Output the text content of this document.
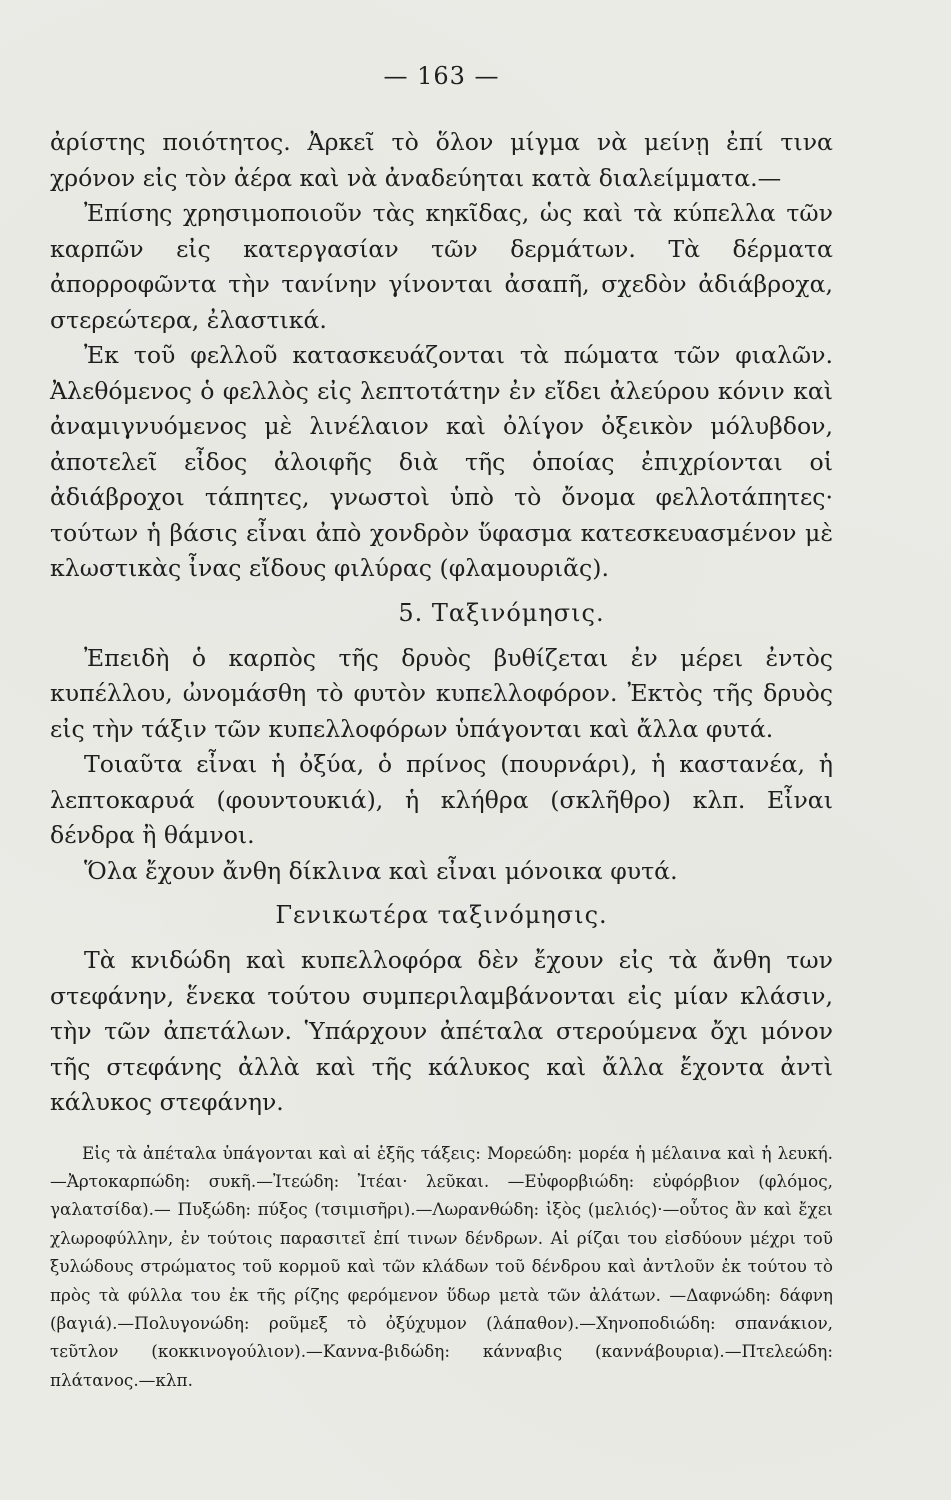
— 163 —

ἀρίστης ποιότητος. Ἀρκεῖ τὸ ὅλον μίγμα νὰ μείνῃ ἐπί τινα χρόνον εἰς τὸν ἀέρα καὶ νὰ ἀναδεύηται κατὰ διαλείμματα.—

Ἐπίσης χρησιμοποιοῦν τὰς κηκῖδας, ὡς καὶ τὰ κύπελλα τῶν καρπῶν εἰς κατεργασίαν τῶν δερμάτων. Τὰ δέρματα ἀπορροφῶντα τὴν τανίνην γίνονται ἀσαπῆ, σχεδὸν ἀδιάβροχα, στερεώτερα, ἐλαστικά.

Ἐκ τοῦ φελλοῦ κατασκευάζονται τὰ πώματα τῶν φιαλῶν. Ἀλεθόμενος ὁ φελλὸς εἰς λεπτοτάτην ἐν εἴδει ἀλεύρου κόνιν καὶ ἀναμιγνυόμενος μὲ λινέλαιον καὶ ὀλίγον ὀξεικὸν μόλυβδον, ἀποτελεῖ εἶδος ἀλοιφῆς διὰ τῆς ὁποίας ἐπιχρίονται οἱ ἀδιάβροχοι τάπητες, γνωστοὶ ὑπὸ τὸ ὄνομα φελλοτάπητες· τούτων ἡ βάσις εἶναι ἀπὸ χονδρὸν ὕφασμα κατεσκευασμένον μὲ κλωστικὰς ἶνας εἴδους φιλύρας (φλαμουριᾶς).

5. Ταξινόμησις.

Ἐπειδὴ ὁ καρπὸς τῆς δρυὸς βυθίζεται ἐν μέρει ἐντὸς κυπέλλου, ὠνομάσθη τὸ φυτὸν κυπελλοφόρον. Ἐκτὸς τῆς δρυὸς εἰς τὴν τάξιν τῶν κυπελλοφόρων ὑπάγονται καὶ ἄλλα φυτά.

Τοιαῦτα εἶναι ἡ ὀξύα, ὁ πρίνος (πουρνάρι), ἡ καστανέα, ἡ λεπτοκαρυά (φουντουκιά), ἡ κλήθρα (σκλῆθρο) κλπ. Εἶναι δένδρα ἢ θάμνοι.

Ὅλα ἔχουν ἄνθη δίκλινα καὶ εἶναι μόνοικα φυτά.

Γενικωτέρα ταξινόμησις.

Τὰ κνιδώδη καὶ κυπελλοφόρα δὲν ἔχουν εἰς τὰ ἄνθη των στεφάνην, ἕνεκα τούτου συμπεριλαμβάνονται εἰς μίαν κλάσιν, τὴν τῶν ἀπετάλων. Ὑπάρχουν ἀπέταλα στερούμενα ὄχι μόνον τῆς στεφάνης ἀλλὰ καὶ τῆς κάλυκος καὶ ἄλλα ἔχοντα ἀντὶ κάλυκος στεφάνην.

Εἰς τὰ ἀπέταλα ὑπάγονται καὶ αἱ ἑξῆς τάξεις: Μορεώδη: μορέα ἡ μέλαινα καὶ ἡ λευκή.—Ἀρτοκαρπώδη: συκῆ.—Ἰτεώδη: Ἰτέαι· λεῦκαι. —Εὐφορβιώδη: εὐφόρβιον (φλόμος, γαλατσίδα).— Πυξώδη: πύξος (τσιμισῆρι).—Λωρανθώδη: ἰξὸς (μελιός)·—οὗτος ἂν καὶ ἔχει χλωροφύλλην, ἐν τούτοις παρασιτεῖ ἐπί τινων δένδρων. Αἱ ρίζαι του εἰσδύουν μέχρι τοῦ ξυλώδους στρώματος τοῦ κορμοῦ καὶ τῶν κλάδων τοῦ δένδρου καὶ ἀντλοῦν ἐκ τούτου τὸ πρὸς τὰ φύλλα του ἐκ τῆς ρίζης φερόμενον ὕδωρ μετὰ τῶν ἀλάτων. —Δαφνώδη: δάφνη (βαγιά).—Πολυγονώδη: ροῦμεξ τὸ ὀξύχυμον (λάπαθον).—Χηνοποδιώδη: σπανάκιον, τεῦτλον (κοκκινογούλιον).—Καννα-βιδώδη: κάνναβις (καννάβουρια).—Πτελεώδη: πλάτανος.—κλπ.
